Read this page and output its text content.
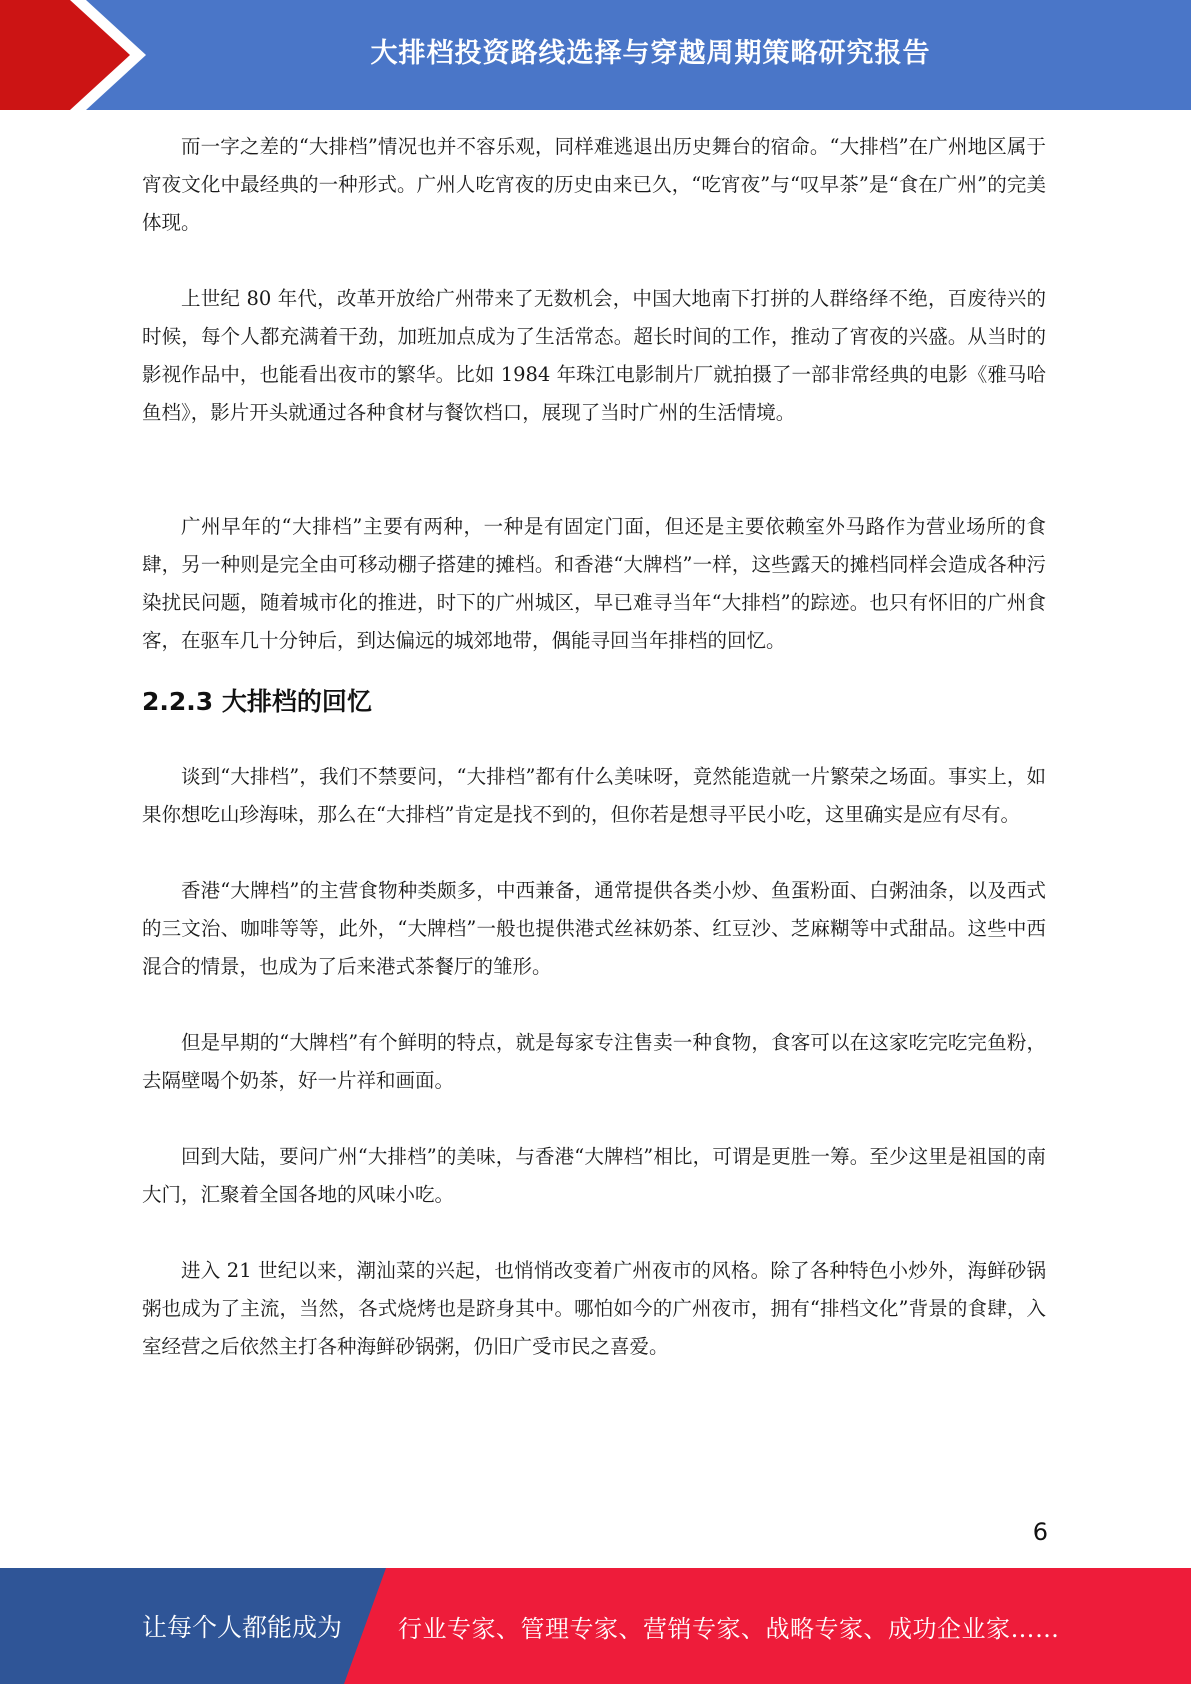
大排档投资路线选择与穿越周期策略研究报告

而一字之差的“大排档”情况也并不容乐观，同样难逃退出历史舞台的宿命。“大排档”在广州地区属于宵夜文化中最经典的一种形式。广州人吃宵夜的历史由来已久，“吃宵夜”与“叹早茶”是“食在广州”的完美体现。

上世纪 80 年代，改革开放给广州带来了无数机会，中国大地南下打拼的人群络绎不绝，百废待兴的时候，每个人都充满着干劲，加班加点成为了生活常态。超长时间的工作，推动了宵夜的兴盛。从当时的影视作品中，也能看出夜市的繁华。比如 1984 年珠江电影制片厂就拍摄了一部非常经典的电影《雅马哈鱼档》，影片开头就通过各种食材与餐饮档口，展现了当时广州的生活情境。

广州早年的“大排档”主要有两种，一种是有固定门面，但还是主要依赖室外马路作为营业场所的食肆，另一种则是完全由可移动棚子搭建的摊档。和香港“大牌档”一样，这些露天的摊档同样会造成各种污染扰民问题，随着城市化的推进，时下的广州城区，早已难寻当年“大排档”的踪迹。也只有怀旧的广州食客，在驱车几十分钟后，到达偏远的城郊地带，偶能寻回当年排档的回忆。

2.2.3 大排档的回忆

谈到“大排档”，我们不禁要问，“大排档”都有什么美味呀，竟然能造就一片繁荣之场面。事实上，如果你想吃山珍海味，那么在“大排档”肯定是找不到的，但你若是想寻平民小吃，这里确实是应有尽有。

香港“大牌档”的主营食物种类颇多，中西兼备，通常提供各类小炒、鱼蛋粉面、白粥油条，以及西式的三文治、咖啡等等，此外，“大牌档”一般也提供港式丝袜奶茶、红豆沙、芝麻糊等中式甜品。这些中西混合的情景，也成为了后来港式茶餐厅的雏形。

但是早期的“大牌档”有个鲜明的特点，就是每家专注售卖一种食物，食客可以在这家吃完吃完鱼粉，去隔壁喝个奶茶，好一片祥和画面。

回到大陆，要问广州“大排档”的美味，与香港“大牌档”相比，可谓是更胜一筹。至少这里是祖国的南大门，汇聚着全国各地的风味小吃。

进入 21 世纪以来，潮汕菜的兴起，也悄悄改变着广州夜市的风格。除了各种特色小炒外，海鲜砂锅粥也成为了主流，当然，各式烧烤也是跻身其中。哪怕如今的广州夜市，拥有“排档文化”背景的食肆，入室经营之后依然主打各种海鲜砂锅粥，仍旧广受市民之喜爱。

6
让每个人都能成为 行业专家、管理专家、营销专家、战略专家、成功企业家……
